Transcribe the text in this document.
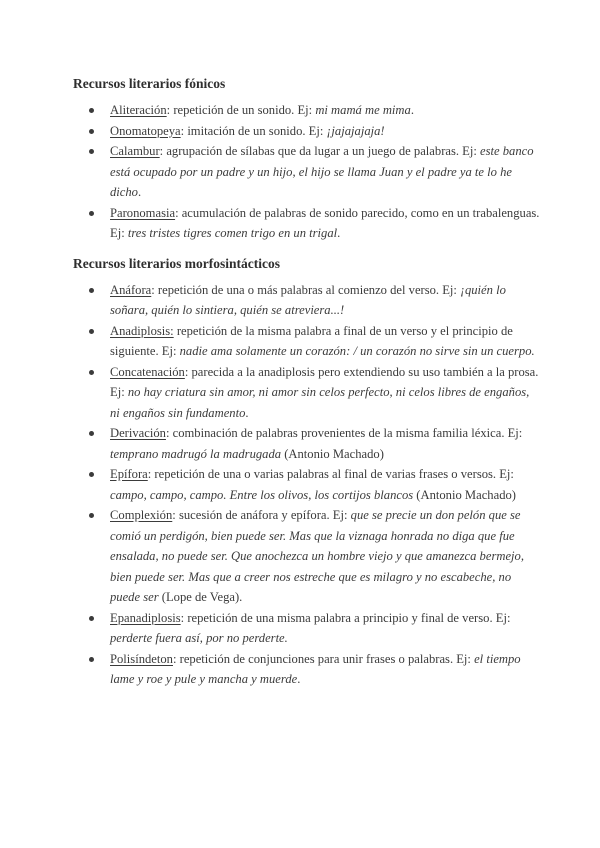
Recursos literarios fónicos
Aliteración: repetición de un sonido. Ej: mi mamá me mima.
Onomatopeya: imitación de un sonido. Ej: ¡jajajajaja!
Calambur: agrupación de sílabas que da lugar a un juego de palabras. Ej: este banco está ocupado por un padre y un hijo, el hijo se llama Juan y el padre ya te lo he dicho.
Paronomasia: acumulación de palabras de sonido parecido, como en un trabalenguas. Ej: tres tristes tigres comen trigo en un trigal.
Recursos literarios morfosintácticos
Anáfora: repetición de una o más palabras al comienzo del verso. Ej: ¡quién lo soñara, quién lo sintiera, quién se atreviera...!
Anadiplosis: repetición de la misma palabra a final de un verso y el principio de siguiente. Ej: nadie ama solamente un corazón: / un corazón no sirve sin un cuerpo.
Concatenación: parecida a la anadiplosis pero extendiendo su uso también a la prosa. Ej: no hay criatura sin amor, ni amor sin celos perfecto, ni celos libres de engaños, ni engaños sin fundamento.
Derivación: combinación de palabras provenientes de la misma familia léxica. Ej: temprano madrugó la madrugada (Antonio Machado)
Epífora: repetición de una o varias palabras al final de varias frases o versos. Ej: campo, campo, campo. Entre los olivos, los cortijos blancos (Antonio Machado)
Complexión: sucesión de anáfora y epífora. Ej: que se precie un don pelón que se comió un perdigón, bien puede ser. Mas que la viznaga honrada no diga que fue ensalada, no puede ser. Que anochezca un hombre viejo y que amanezca bermejo, bien puede ser. Mas que a creer nos estreche que es milagro y no escabeche, no puede ser (Lope de Vega).
Epanadiplosis: repetición de una misma palabra a principio y final de verso. Ej: perderte fuera así, por no perderte.
Polisíndeton: repetición de conjunciones para unir frases o palabras. Ej: el tiempo lame y roe y pule y mancha y muerde.
